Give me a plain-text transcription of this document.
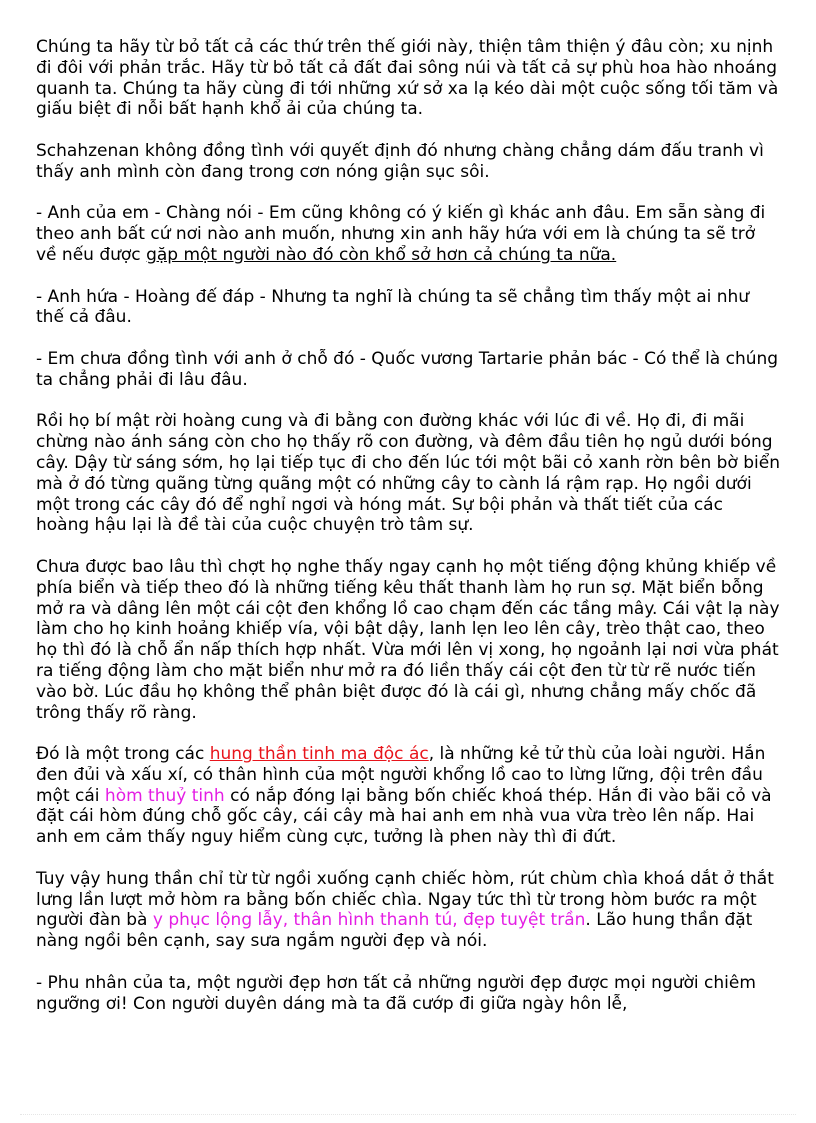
Chúng ta hãy từ bỏ tất cả các thứ trên thế giới này, thiện tâm thiện ý đâu còn; xu nịnh đi đôi với phản trắc. Hãy từ bỏ tất cả đất đai sông núi và tất cả sự phù hoa hào nhoáng quanh ta. Chúng ta hãy cùng đi tới những xứ sở xa lạ kéo dài một cuộc sống tối tăm và giấu biệt đi nỗi bất hạnh khổ ải của chúng ta.

Schahzenan không đồng tình với quyết định đó nhưng chàng chẳng dám đấu tranh vì thấy anh mình còn đang trong cơn nóng giận sục sôi.

- Anh của em - Chàng nói - Em cũng không có ý kiến gì khác anh đâu. Em sẵn sàng đi theo anh bất cứ nơi nào anh muốn, nhưng xin anh hãy hứa với em là chúng ta sẽ trở về nếu được gặp một người nào đó còn khổ sở hơn cả chúng ta nữa.

- Anh hứa - Hoàng đế đáp - Nhưng ta nghĩ là chúng ta sẽ chẳng tìm thấy một ai như thế cả đâu.

- Em chưa đồng tình với anh ở chỗ đó - Quốc vương Tartarie phản bác - Có thể là chúng ta chẳng phải đi lâu đâu.

Rồi họ bí mật rời hoàng cung và đi bằng con đường khác với lúc đi về. Họ đi, đi mãi chừng nào ánh sáng còn cho họ thấy rõ con đường, và đêm đầu tiên họ ngủ dưới bóng cây. Dậy từ sáng sớm, họ lại tiếp tục đi cho đến lúc tới một bãi cỏ xanh rờn bên bờ biển mà ở đó từng quãng từng quãng một có những cây to cành lá rậm rạp. Họ ngồi dưới một trong các cây đó để nghỉ ngơi và hóng mát. Sự bội phản và thất tiết của các hoàng hậu lại là đề tài của cuộc chuyện trò tâm sự.

Chưa được bao lâu thì chợt họ nghe thấy ngay cạnh họ một tiếng động khủng khiếp về phía biển và tiếp theo đó là những tiếng kêu thất thanh làm họ run sợ. Mặt biển bỗng mở ra và dâng lên một cái cột đen khổng lồ cao chạm đến các tầng mây. Cái vật lạ này làm cho họ kinh hoảng khiếp vía, vội bật dậy, lanh lẹn leo lên cây, trèo thật cao, theo họ thì đó là chỗ ẩn nấp thích hợp nhất. Vừa mới lên vị xong, họ ngoảnh lại nơi vừa phát ra tiếng động làm cho mặt biển như mở ra đó liền thấy cái cột đen từ từ rẽ nước tiến vào bờ. Lúc đầu họ không thể phân biệt được đó là cái gì, nhưng chẳng mấy chốc đã trông thấy rõ ràng.

Đó là một trong các hung thần tinh ma độc ác, là những kẻ tử thù của loài người. Hắn đen đủi và xấu xí, có thân hình của một người khổng lồ cao to lừng lững, đội trên đầu một cái hòm thuỷ tinh có nắp đóng lại bằng bốn chiếc khoá thép. Hắn đi vào bãi cỏ và đặt cái hòm đúng chỗ gốc cây, cái cây mà hai anh em nhà vua vừa trèo lên nấp. Hai anh em cảm thấy nguy hiểm cùng cực, tưởng là phen này thì đi đứt.

Tuy vậy hung thần chỉ từ từ ngồi xuống cạnh chiếc hòm, rút chùm chìa khoá dắt ở thắt lưng lần lượt mở hòm ra bằng bốn chiếc chìa. Ngay tức thì từ trong hòm bước ra một người đàn bà y phục lộng lẫy, thân hình thanh tú, đẹp tuyệt trần. Lão hung thần đặt nàng ngồi bên cạnh, say sưa ngắm người đẹp và nói.

- Phu nhân của ta, một người đẹp hơn tất cả những người đẹp được mọi người chiêm ngưỡng ơi! Con người duyên dáng mà ta đã cướp đi giữa ngày hôn lễ,
